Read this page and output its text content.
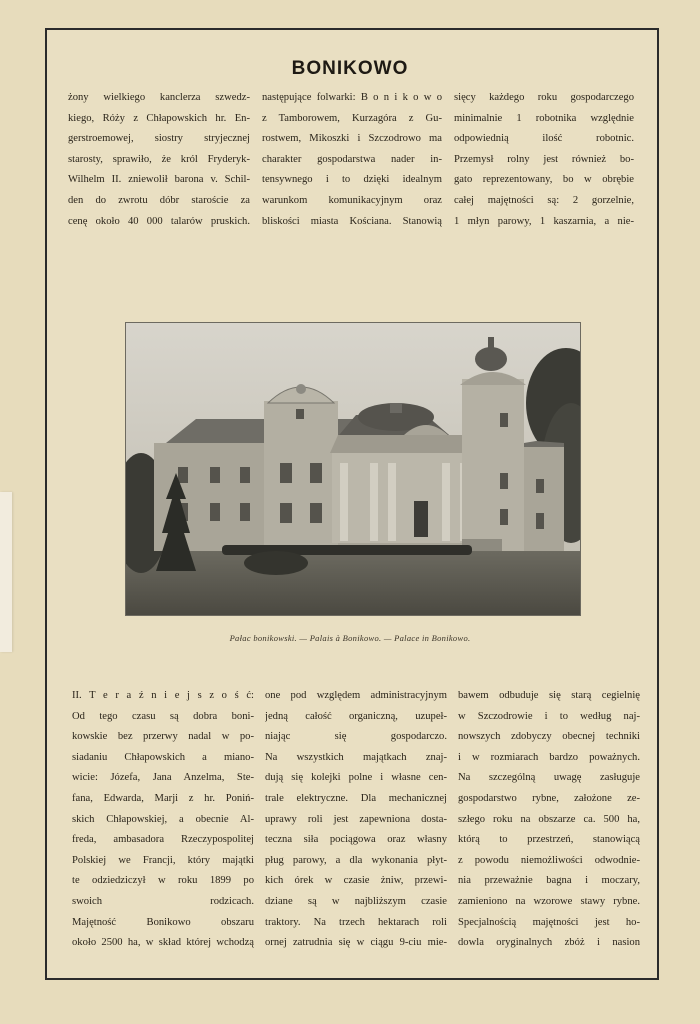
BONIKOWO
żony wielkiego kanclerza szwedz-
kiego, Róży z Chłapowskich hr. En-
gerstroemowej, siostry stryjecznej
starosty, sprawiło, że król Fryderyk-
Wilhelm II. zniewolił barona v. Schil-
den do zwrotu dóbr staroście za
cenę około 40 000 talarów pruskich.
następujące folwarki: B o n i k o w o
z Tamborowem, Kurzagóra z Gu-
rostwem, Mikoszki i Szczodrowo ma
charakter gospodarstwa nader in-
tensywnego i to dzięki idealnym
warunkom komunikacyjnym oraz
bliskości miasta Kościana. Stanowią
sięcy każdego roku gospodarczego
minimalnie 1 robotnika względnie
odpowiednią ilość robotnic.
Przemysł rolny jest również bo-
gato reprezentowany, bo w obrębie
całej majętności są: 2 gorzelnie,
1 młyn parowy, 1 kaszarnia, a nie-
Pałac bonikowski. — Palais à Bonikowo. — Palace in Bonikowo.
II. T e r a ź n i e j s z o ś ć:
Od tego czasu są dobra boni-
kowskie bez przerwy nadal w po-
siadaniu Chłapowskich a miano-
wicie: Józefa, Jana Anzelma, Ste-
fana, Edwarda, Marji z hr. Poniń-
skich Chłapowskiej, a obecnie Al-
freda, ambasadora Rzeczypospolitej
Polskiej we Francji, który majątki
te odziedziczył w roku 1899 po
swoich rodzicach.
Majętność Bonikowo obszaru
około 2500 ha, w skład której wchodzą
one pod względem administracyjnym
jedną całość organiczną, uzupeł-
niając się gospodarczo.
Na wszystkich majątkach znaj-
dują się kolejki polne i własne cen-
trale elektryczne. Dla mechanicznej
uprawy roli jest zapewniona dosta-
teczna siła pociągowa oraz własny
pług parowy, a dla wykonania płyt-
kich órek w czasie żniw, przewi-
dziane są w najbliższym czasie
traktory. Na trzech hektarach roli
ornej zatrudnia się w ciągu 9-ciu mie-
bawem odbuduje się starą cegielnię
w Szczodrowie i to według naj-
nowszych zdobyczy obecnej techniki
i w rozmiarach bardzo poważnych.
Na szczególną uwagę zasługuje
gospodarstwo rybne, założone ze-
szłego roku na obszarze ca. 500 ha,
którą to przestrzeń, stanowiącą
z powodu niemożliwości odwodnie-
nia przeważnie bagna i moczary,
zamieniono na wzorowe stawy rybne.
Specjalnością majętności jest ho-
dowla oryginalnych zbóż i nasion
